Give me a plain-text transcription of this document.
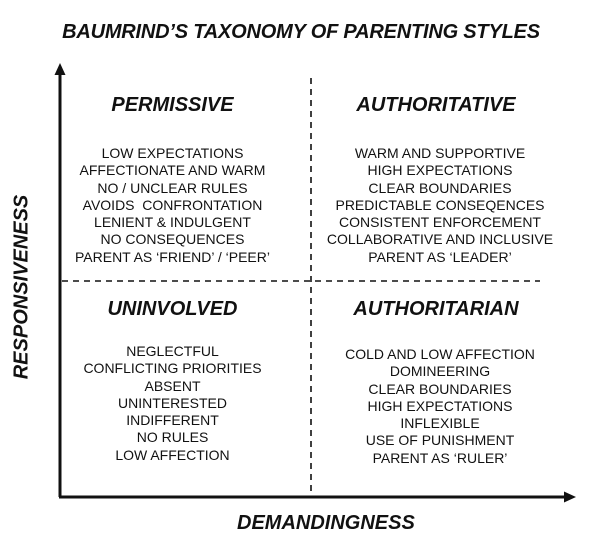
BAUMRIND’S TAXONOMY OF PARENTING STYLES
RESPONSIVENESS
DEMANDINGNESS
PERMISSIVE
LOW EXPECTATIONS
AFFECTIONATE AND WARM
NO / UNCLEAR RULES
AVOIDS  CONFRONTATION
LENIENT & INDULGENT
NO CONSEQUENCES
PARENT AS ‘FRIEND’ / ‘PEER’
AUTHORITATIVE
WARM AND SUPPORTIVE
HIGH EXPECTATIONS
CLEAR BOUNDARIES
PREDICTABLE CONSEQENCES
CONSISTENT ENFORCEMENT
COLLABORATIVE AND INCLUSIVE
PARENT AS ‘LEADER’
UNINVOLVED
NEGLECTFUL
CONFLICTING PRIORITIES
ABSENT
UNINTERESTED
INDIFFERENT
NO RULES
LOW AFFECTION
AUTHORITARIAN
COLD AND LOW AFFECTION
DOMINEERING
CLEAR BOUNDARIES
HIGH EXPECTATIONS
INFLEXIBLE
USE OF PUNISHMENT
PARENT AS ‘RULER’
